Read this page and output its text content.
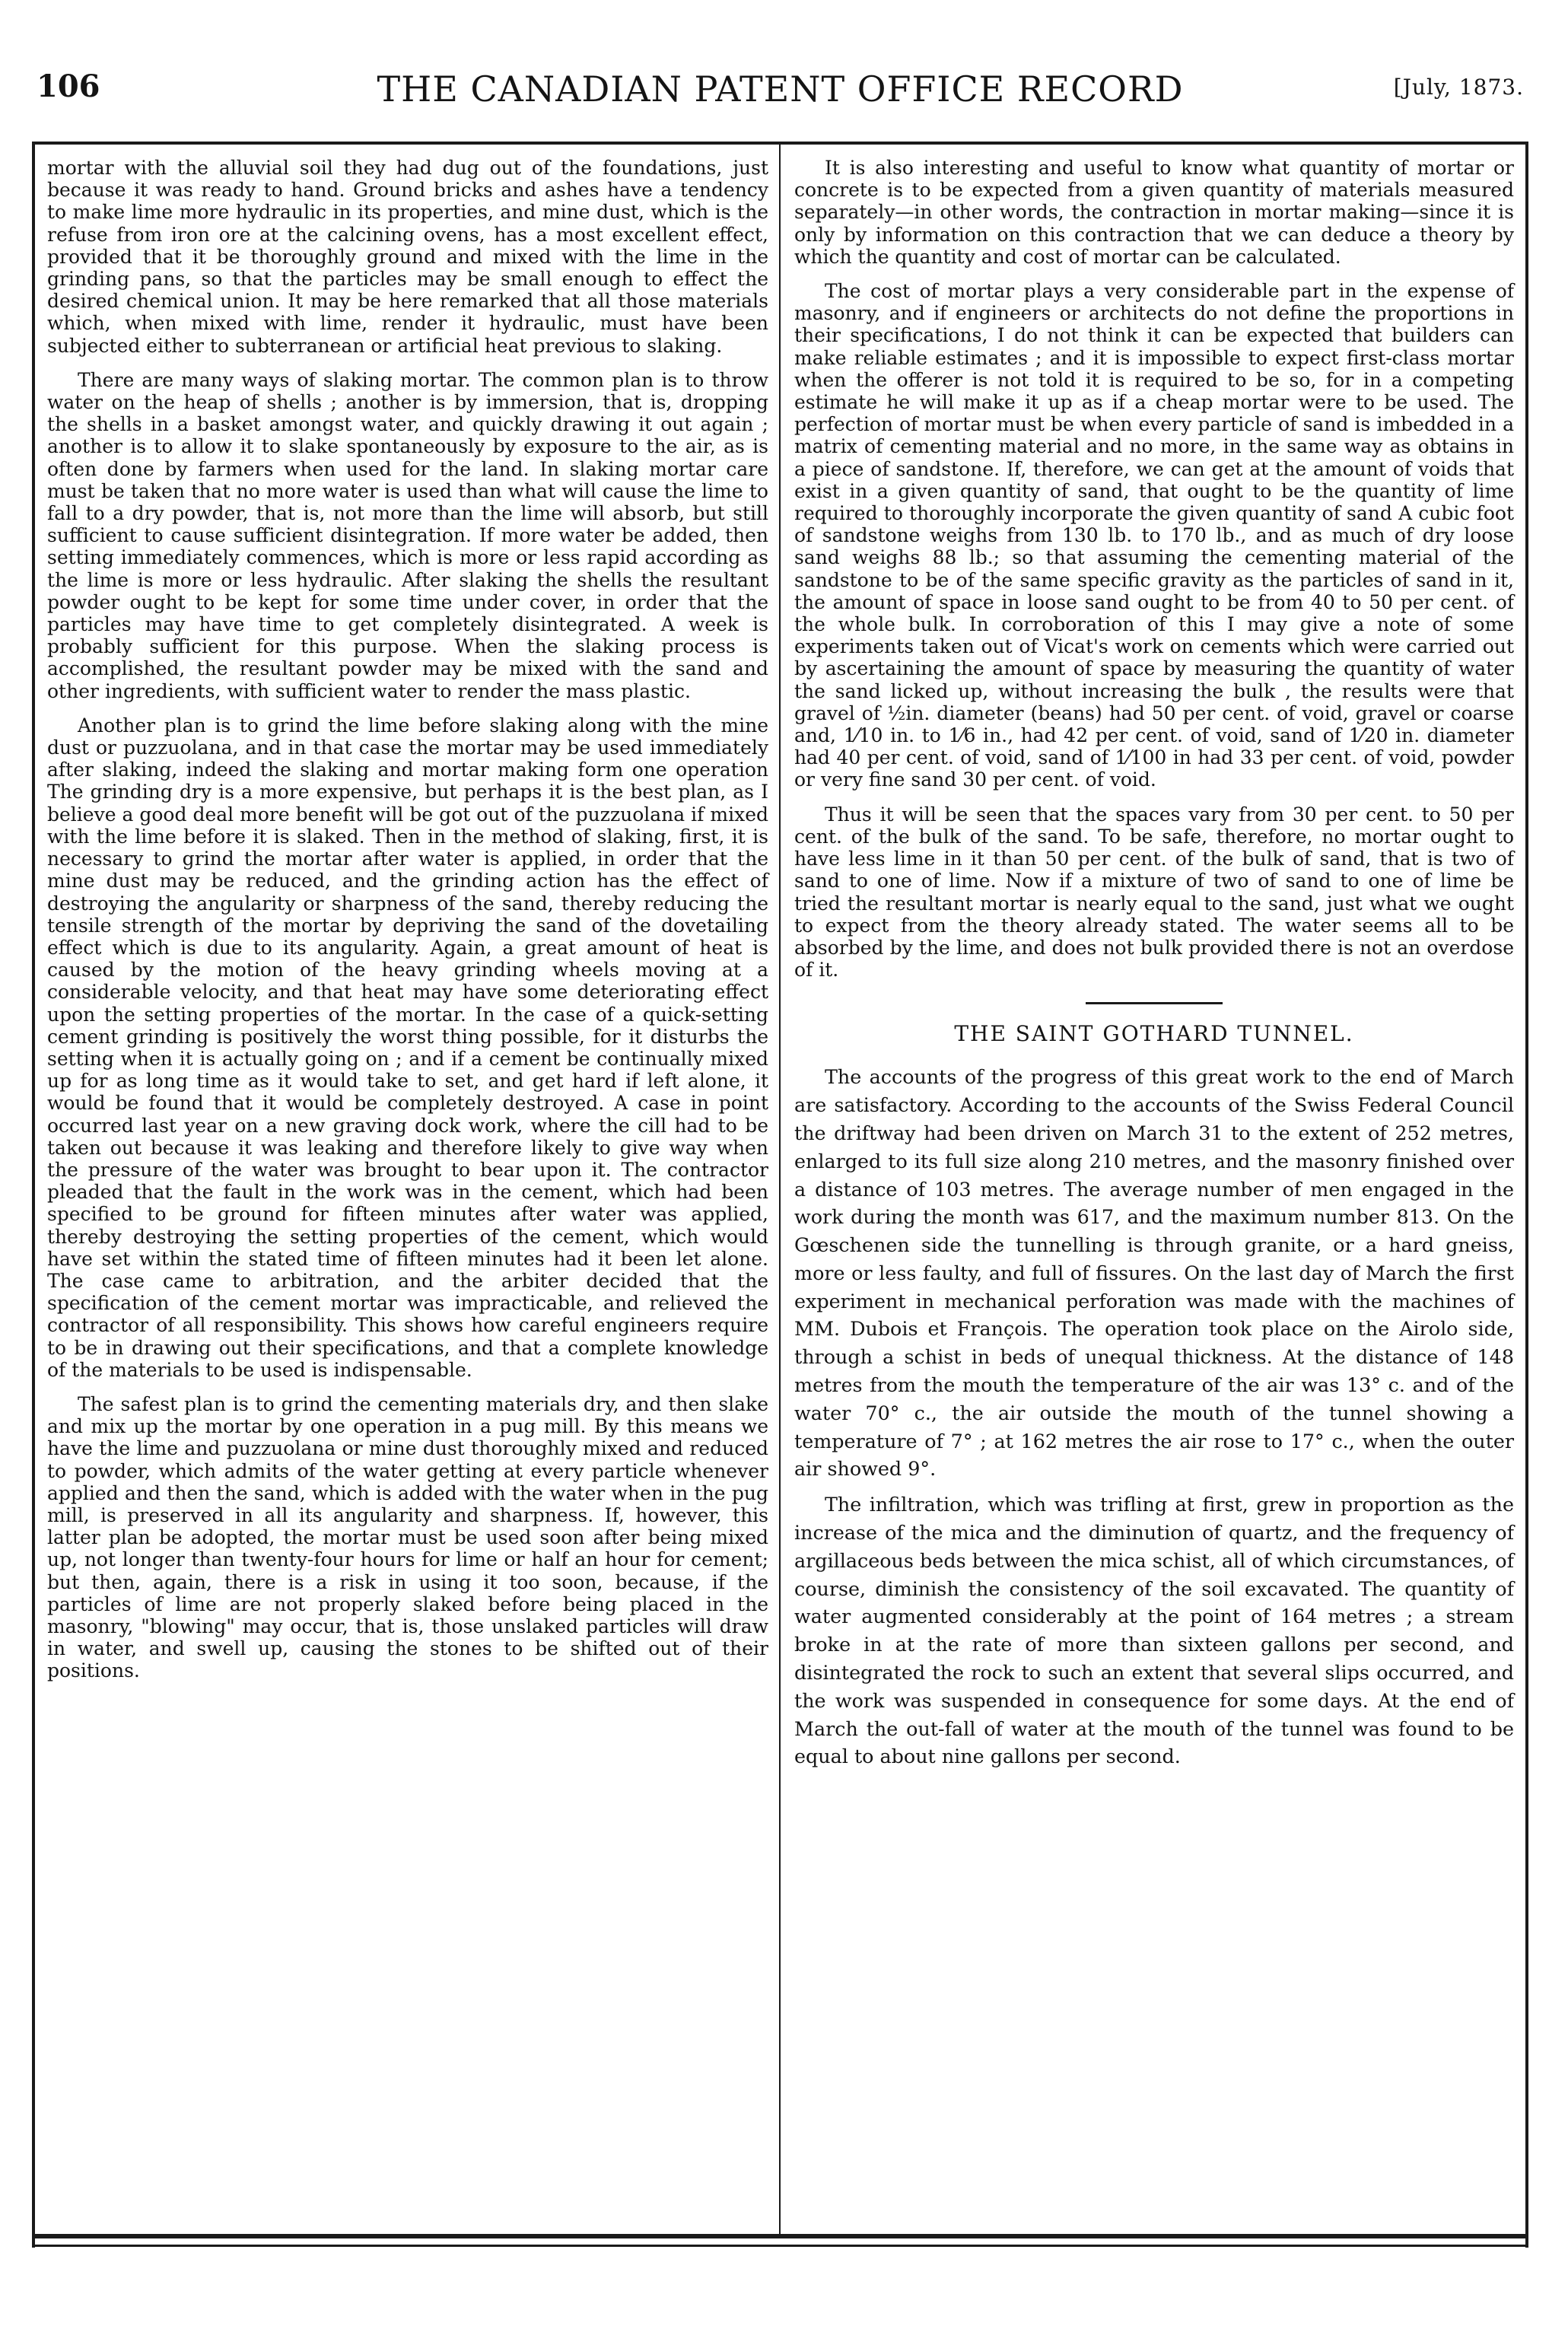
106	THE CANADIAN PATENT OFFICE RECORD	[July, 1873.

mortar with the alluvial soil they had dug out of the foundations, just because it was ready to hand. Ground bricks and ashes have a tendency to make lime more hydraulic in its properties, and mine dust, which is the refuse from iron ore at the calcining ovens, has a most excellent effect, provided that it be thoroughly ground and mixed with the lime in the grinding pans, so that the particles may be small enough to effect the desired chemical union. It may be here remarked that all those materials which, when mixed with lime, render it hydraulic, must have been subjected either to subterranean or artificial heat previous to slaking.

There are many ways of slaking mortar. The common plan is to throw water on the heap of shells ; another is by immersion, that is, dropping the shells in a basket amongst water, and quickly drawing it out again ; another is to allow it to slake spontaneously by exposure to the air, as is often done by farmers when used for the land. In slaking mortar care must be taken that no more water is used than what will cause the lime to fall to a dry powder, that is, not more than the lime will absorb, but still sufficient to cause sufficient disintegration. If more water be added, then setting immediately commences, which is more or less rapid according as the lime is more or less hydraulic. After slaking the shells the resultant powder ought to be kept for some time under cover, in order that the particles may have time to get completely disintegrated. A week is probably sufficient for this purpose. When the slaking process is accomplished, the resultant powder may be mixed with the sand and other ingredients, with sufficient water to render the mass plastic.

Another plan is to grind the lime before slaking along with the mine dust or puzzuolana, and in that case the mortar may be used immediately after slaking, indeed the slaking and mortar making form one operation The grinding dry is a more expensive, but perhaps it is the best plan, as I believe a good deal more benefit will be got out of the puzzuolana if mixed with the lime before it is slaked. Then in the method of slaking, first, it is necessary to grind the mortar after water is applied, in order that the mine dust may be reduced, and the grinding action has the effect of destroying the angularity or sharpness of the sand, thereby reducing the tensile strength of the mortar by depriving the sand of the dovetailing effect which is due to its angularity. Again, a great amount of heat is caused by the motion of the heavy grinding wheels moving at a considerable velocity, and that heat may have some deteriorating effect upon the setting properties of the mortar. In the case of a quick-setting cement grinding is positively the worst thing possible, for it disturbs the setting when it is actually going on ; and if a cement be continually mixed up for as long time as it would take to set, and get hard if left alone, it would be found that it would be completely destroyed. A case in point occurred last year on a new graving dock work, where the cill had to be taken out because it was leaking and therefore likely to give way when the pressure of the water was brought to bear upon it. The contractor pleaded that the fault in the work was in the cement, which had been specified to be ground for fifteen minutes after water was applied, thereby destroying the setting properties of the cement, which would have set within the stated time of fifteen minutes had it been let alone. The case came to arbitration, and the arbiter decided that the specification of the cement mortar was impracticable, and relieved the contractor of all responsibility. This shows how careful engineers require to be in drawing out their specifications, and that a complete knowledge of the materials to be used is indispensable.

The safest plan is to grind the cementing materials dry, and then slake and mix up the mortar by one operation in a pug mill. By this means we have the lime and puzzuolana or mine dust thoroughly mixed and reduced to powder, which admits of the water getting at every particle whenever applied and then the sand, which is added with the water when in the pug mill, is preserved in all its angularity and sharpness. If, however, this latter plan be adopted, the mortar must be used soon after being mixed up, not longer than twenty-four hours for lime or half an hour for cement; but then, again, there is a risk in using it too soon, because, if the particles of lime are not properly slaked before being placed in the masonry, "blowing" may occur, that is, those unslaked particles will draw in water, and swell up, causing the stones to be shifted out of their positions.

It is also interesting and useful to know what quantity of mortar or concrete is to be expected from a given quantity of materials measured separately—in other words, the contraction in mortar making—since it is only by information on this contraction that we can deduce a theory by which the quantity and cost of mortar can be calculated.

The cost of mortar plays a very considerable part in the expense of masonry, and if engineers or architects do not define the proportions in their specifications, I do not think it can be expected that builders can make reliable estimates ; and it is impossible to expect first-class mortar when the offerer is not told it is required to be so, for in a competing estimate he will make it up as if a cheap mortar were to be used. The perfection of mortar must be when every particle of sand is imbedded in a matrix of cementing material and no more, in the same way as obtains in a piece of sandstone. If, therefore, we can get at the amount of voids that exist in a given quantity of sand, that ought to be the quantity of lime required to thoroughly incorporate the given quantity of sand A cubic foot of sandstone weighs from 130 lb. to 170 lb., and as much of dry loose sand weighs 88 lb.; so that assuming the cementing material of the sandstone to be of the same specific gravity as the particles of sand in it, the amount of space in loose sand ought to be from 40 to 50 per cent. of the whole bulk. In corroboration of this I may give a note of some experiments taken out of Vicat's work on cements which were carried out by ascertaining the amount of space by measuring the quantity of water the sand licked up, without increasing the bulk , the results were that gravel of ½in. diameter (beans) had 50 per cent. of void, gravel or coarse and, 1⁄10 in. to 1⁄6 in., had 42 per cent. of void, sand of 1⁄20 in. diameter had 40 per cent. of void, sand of 1⁄100 in had 33 per cent. of void, powder or very fine sand 30 per cent. of void.

Thus it will be seen that the spaces vary from 30 per cent. to 50 per cent. of the bulk of the sand. To be safe, therefore, no mortar ought to have less lime in it than 50 per cent. of the bulk of sand, that is two of sand to one of lime. Now if a mixture of two of sand to one of lime be tried the resultant mortar is nearly equal to the sand, just what we ought to expect from the theory already stated. The water seems all to be absorbed by the lime, and does not bulk provided there is not an overdose of it.

THE SAINT GOTHARD TUNNEL.

The accounts of the progress of this great work to the end of March are satisfactory. According to the accounts of the Swiss Federal Council the driftway had been driven on March 31 to the extent of 252 metres, enlarged to its full size along 210 metres, and the masonry finished over a distance of 103 metres. The average number of men engaged in the work during the month was 617, and the maximum number 813. On the Gœschenen side the tunnelling is through granite, or a hard gneiss, more or less faulty, and full of fissures. On the last day of March the first experiment in mechanical perforation was made with the machines of MM. Dubois et François. The operation took place on the Airolo side, through a schist in beds of unequal thickness. At the distance of 148 metres from the mouth the temperature of the air was 13° c. and of the water 70° c., the air outside the mouth of the tunnel showing a temperature of 7° ; at 162 metres the air rose to 17° c., when the outer air showed 9°.

The infiltration, which was trifling at first, grew in proportion as the increase of the mica and the diminution of quartz, and the frequency of argillaceous beds between the mica schist, all of which circumstances, of course, diminish the consistency of the soil excavated. The quantity of water augmented considerably at the point of 164 metres ; a stream broke in at the rate of more than sixteen gallons per second, and disintegrated the rock to such an extent that several slips occurred, and the work was suspended in consequence for some days. At the end of March the out-fall of water at the mouth of the tunnel was found to be equal to about nine gallons per second.
